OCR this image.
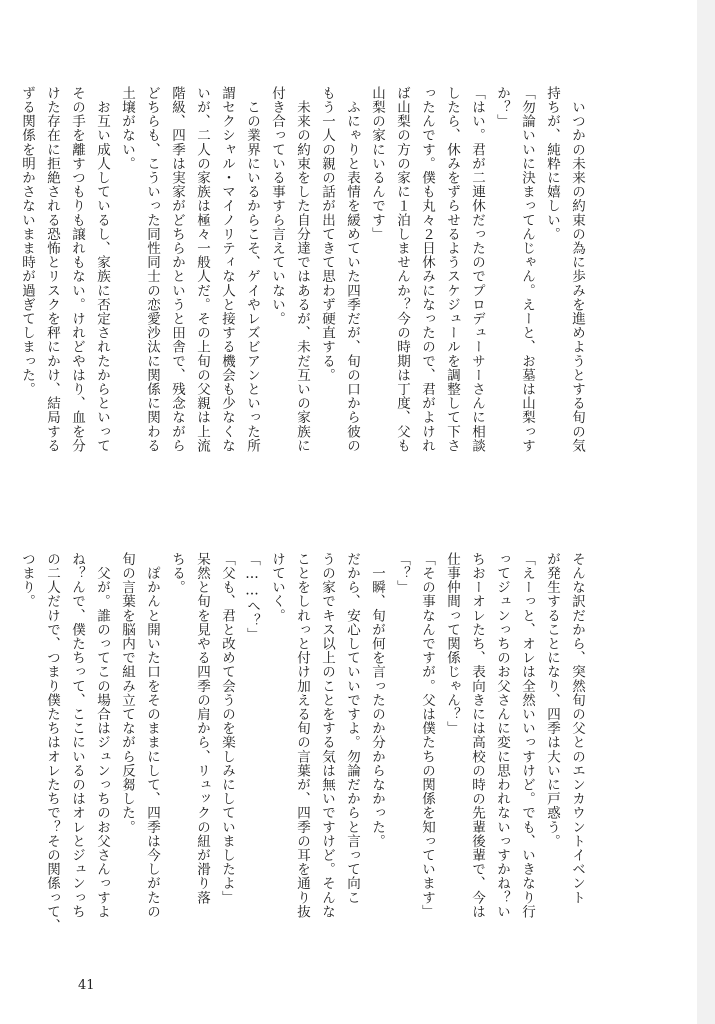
　いつかの未来の約束の為に歩みを進めようとする旬の気
持ちが、純粋に嬉しい。
「勿論いいに決まってんじゃん。えーと、お墓は山梨っす
か？」
「はい。君が二連休だったのでプロデューサーさんに相談
したら、休みをずらせるようスケジュールを調整して下さ
ったんです。僕も丸々２日休みになったので、君がよけれ
ば山梨の方の家に１泊しませんか？今の時期は丁度、父も
山梨の家にいるんです」
　ふにゃりと表情を緩めていた四季だが、旬の口から彼の
もう一人の親の話が出てきて思わず硬直する。
　未来の約束をした自分達ではあるが、未だ互いの家族に
付き合っている事すら言えていない。
　この業界にいるからこそ、ゲイやレズビアンといった所
謂セクシャル・マイノリティな人と接する機会も少なくな
いが、二人の家族は極々一般人だ。その上旬の父親は上流
階級、四季は実家がどちらかというと田舎で、残念ながら
どちらも、こういった同性同士の恋愛沙汰に関係に関わる
土壌がない。
　お互い成人しているし、家族に否定されたからといって
その手を離すつもりも譲れもない。けれどやはり、血を分
けた存在に拒絶される恐怖とリスクを秤にかけ、結局する
ずる関係を明かさないまま時が過ぎてしまった。
そんな訳だから、突然旬の父とのエンカウントイベント
が発生することになり、四季は大いに戸惑う。
「えーっと、オレは全然いいっすけど。でも、いきなり行
ってジュンっちのお父さんに変に思われないっすかね？い
ちおーオレたち、表向きには高校の時の先輩後輩で、今は
仕事仲間って関係じゃん？」
「その事なんですが。父は僕たちの関係を知っています」
「？」
　一瞬、旬が何を言ったのか分からなかった。
だから、安心していいですよ。勿論だからと言って向こ
うの家でキス以上のことをする気は無いですけど。そんな
ことをしれっと付け加える旬の言葉が、四季の耳を通り抜
けていく。
「……へ？」
「父も、君と改めて会うのを楽しみにしていましたよ」
呆然と旬を見やる四季の肩から、リュックの紐が滑り落
ちる。
　ぽかんと開いた口をそのままにして、四季は今しがたの
旬の言葉を脳内で組み立てながら反芻した。
　父が。誰のってこの場合はジュンっちのお父さんっすよ
ね？んで、僕たちって、ここにいるのはオレとジュンっち
の二人だけで、つまり僕たちはオレたちで？その関係って、
つまり。
41
